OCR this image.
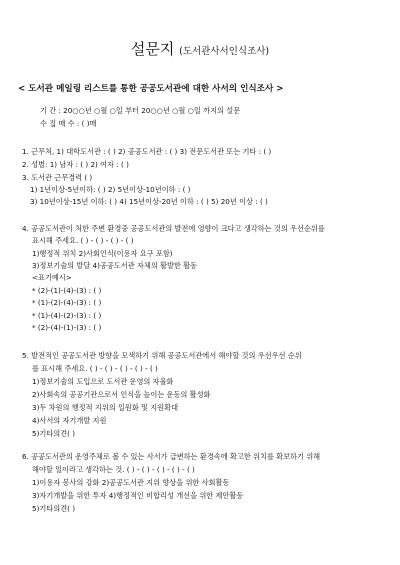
설문지 (도서관사서인식조사)
< 도서관 메일링 리스트를 통한 공공도서관에 대한 사서의 인식조사 >
기 간 : 20○○년 ○월 ○일 부터 20○○년 ○월 ○일 까지의 설문
수 집 매 수 : ( )매
1. 근무처, 1) 대학도서관 : ( ) 2) 공공도서관 : ( ) 3) 전문도서관 또는 기타 : ( )
2. 성별: 1) 남자 : ( ) 2) 여자 : ( )
3. 도서관 근무경력 ( )
1) 1년이상-5년이하: ( ) 2) 5년이상-10년이하 : ( )
3) 10년이상-15년 이하: ( ) 4) 15년이상-20년 이하 : ( ) 5) 20년 이상 : ( )
4. 공공도서관이 처한 주변 환경중 공공도서관의 발전에 영향이 크다고 생각하는 것의 우선순위를
표시해 주세요. ( ) - ( ) - ( ) - ( )
1)행정적 위치 2)사회인식(이용자 요구 포함)
3)정보기술의 발달 4)공공도서관 자체의 활발한 활동
<표기예시>
* (2)-(1)-(4)-(3) : ( )
* (1)-(2)-(4)-(3) : ( )
* (1)-(4)-(2)-(3) : ( )
* (2)-(4)-(1)-(3) : ( )
5. 발전적인 공공도서관 방향을 모색하기 위해 공공도서관에서 해야할 것의 우선우선 순위
를 표시해 주세요. ( ) - ( ) - ( ) - ( ) - ( )
1)정보기술의 도입으로 도서관 운영의 자율화
2)사회속의 공공기관으로서 인식을 높이는 운동의 활성화
3)두 차원의 행정적 지위의 일원화 및 지원확대
4)사서의 자기개발 지원
5)기타의견( )
6. 공공도서관의 운영주체로 볼 수 있는 사서가 급변하는 환경속에 확고한 위치를 확보하기 위해
해야할 일이라고 생각하는 것. ( ) - ( ) - ( ) - ( ) - ( )
1)이용자 봉사의 강화 2)공공도서관 지위 향상을 위한 사회활동
3)자기개발을 위한 투자 4)행정적인 비합리성 개선을 위한 제안활동
5)기타의견( )
